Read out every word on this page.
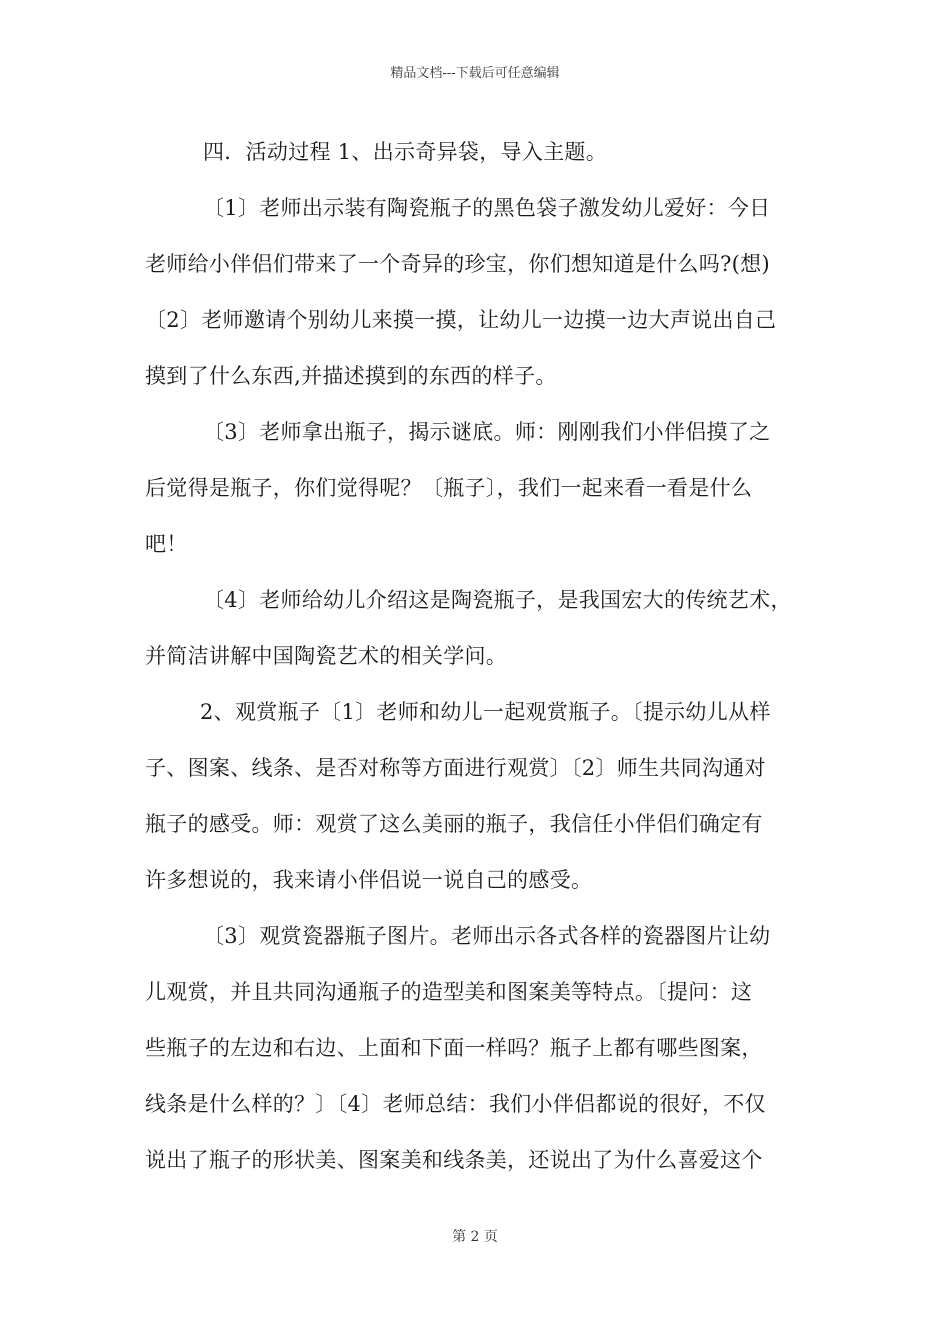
精品文档---下载后可任意编辑
四．活动过程 1、出示奇异袋，导入主题。
〔1〕老师出示装有陶瓷瓶子的黑色袋子激发幼儿爱好：今日
老师给小伴侣们带来了一个奇异的珍宝，你们想知道是什么吗?(想)
〔2〕老师邀请个别幼儿来摸一摸，让幼儿一边摸一边大声说出自己
摸到了什么东西,并描述摸到的东西的样子。
〔3〕老师拿出瓶子，揭示谜底。师：刚刚我们小伴侣摸了之
后觉得是瓶子，你们觉得呢？〔瓶子〕，我们一起来看一看是什么
吧！
〔4〕老师给幼儿介绍这是陶瓷瓶子，是我国宏大的传统艺术，
并简洁讲解中国陶瓷艺术的相关学问。
2、观赏瓶子〔1〕老师和幼儿一起观赏瓶子。〔提示幼儿从样
子、图案、线条、是否对称等方面进行观赏〕〔2〕师生共同沟通对
瓶子的感受。师：观赏了这么美丽的瓶子，我信任小伴侣们确定有
许多想说的，我来请小伴侣说一说自己的感受。
〔3〕观赏瓷器瓶子图片。老师出示各式各样的瓷器图片让幼
儿观赏，并且共同沟通瓶子的造型美和图案美等特点。〔提问：这
些瓶子的左边和右边、上面和下面一样吗？瓶子上都有哪些图案，
线条是什么样的？〕〔4〕老师总结：我们小伴侣都说的很好，不仅
说出了瓶子的形状美、图案美和线条美，还说出了为什么喜爱这个
第 2 页
